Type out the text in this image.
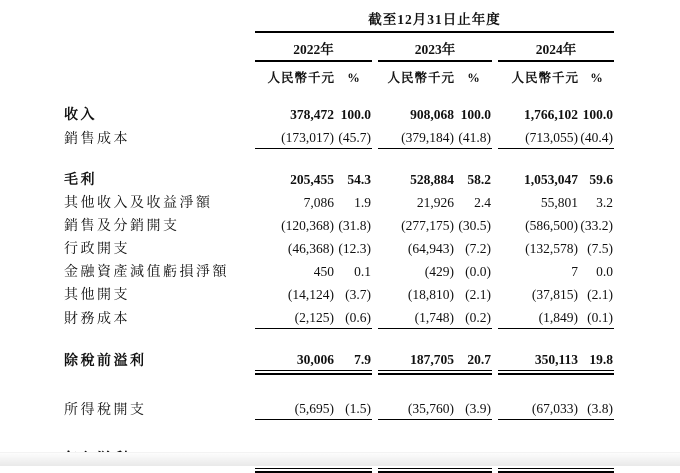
	截至12月31日止年度							
	2022年			2023年			2024年	
	人民幣千元	%		人民幣千元	%		人民幣千元	%
收入	378,472	100.0		908,068	100.0		1,766,102	100.0

銷售成本	(173,017)	(45.7)		(379,184)	(41.8)		(713,055)	(40.4)

毛利	205,455	54.3		528,884	58.2		1,053,047	59.6

其他收入及收益淨額	7,086	1.9		21,926	2.4		55,801	3.2

銷售及分銷開支	(120,368)	(31.8)		(277,175)	(30.5)		(586,500)	(33.2)

行政開支	(46,368)	(12.3)		(64,943)	(7.2)		(132,578)	(7.5)

金融資產減值虧損淨額	450	0.1		(429)	(0.0)		7	0.0

其他開支	(14,124)	(3.7)		(18,810)	(2.1)		(37,815)	(2.1)

財務成本	(2,125)	(0.6)		(1,748)	(0.2)		(1,849)	(0.1)

除稅前溢利	30,006	7.9		187,705	20.7		350,113	19.8

所得稅開支	(5,695)	(1.5)		(35,760)	(3.9)		(67,033)	(3.8)
